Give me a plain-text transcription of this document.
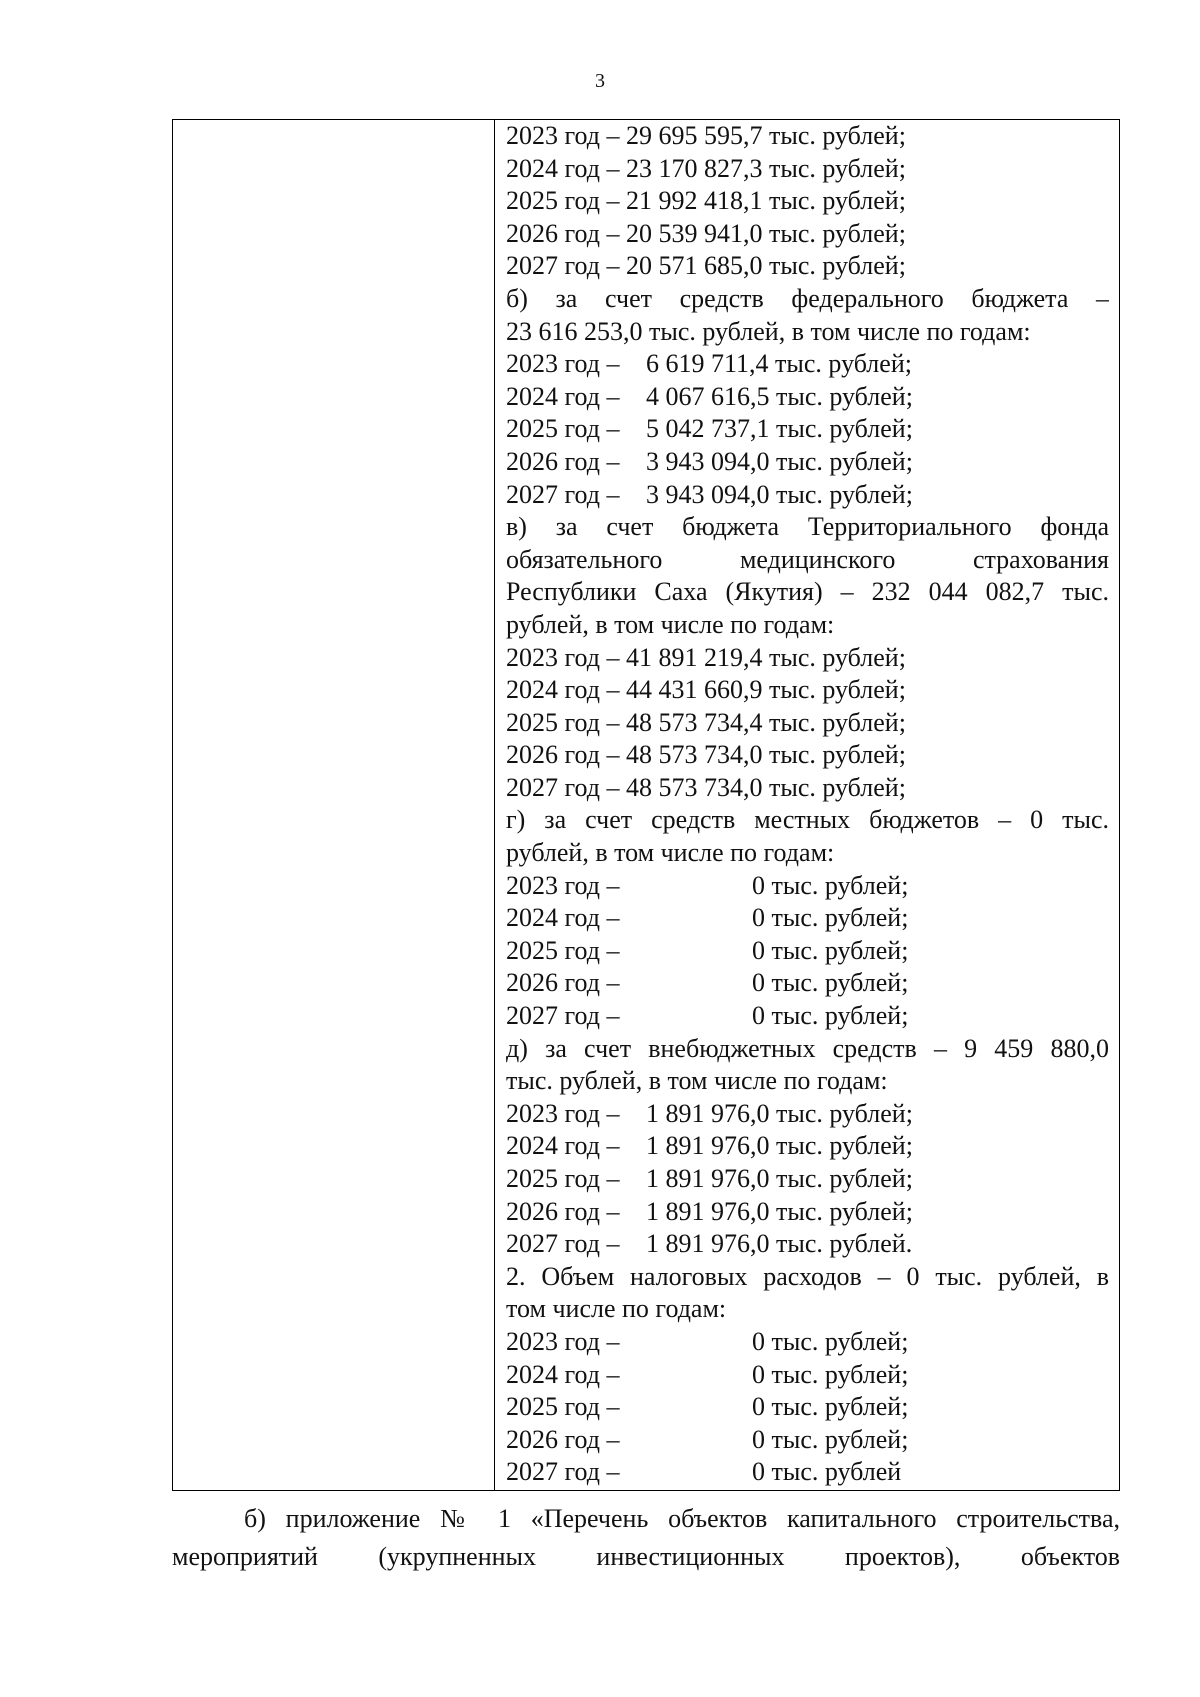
3
2023 год – 29 695 595,7 тыс. рублей;
2024 год – 23 170 827,3 тыс. рублей;
2025 год – 21 992 418,1 тыс. рублей;
2026 год – 20 539 941,0 тыс. рублей;
2027 год – 20 571 685,0 тыс. рублей;
б) за счет средств федерального бюджета –
23 616 253,0 тыс. рублей, в том числе по годам:
2023 год – 6 619 711,4 тыс. рублей;
2024 год – 4 067 616,5 тыс. рублей;
2025 год – 5 042 737,1 тыс. рублей;
2026 год – 3 943 094,0 тыс. рублей;
2027 год – 3 943 094,0 тыс. рублей;
в) за счет бюджета Территориального фонда
обязательного медицинского страхования
Республики Саха (Якутия) – 232 044 082,7 тыс.
рублей, в том числе по годам:
2023 год – 41 891 219,4 тыс. рублей;
2024 год – 44 431 660,9 тыс. рублей;
2025 год – 48 573 734,4 тыс. рублей;
2026 год – 48 573 734,0 тыс. рублей;
2027 год – 48 573 734,0 тыс. рублей;
г) за счет средств местных бюджетов – 0 тыс.
рублей, в том числе по годам:
2023 год –	0 тыс. рублей;
2024 год –	0 тыс. рублей;
2025 год –	0 тыс. рублей;
2026 год –	0 тыс. рублей;
2027 год –	0 тыс. рублей;
д) за счет внебюджетных средств – 9 459 880,0
тыс. рублей, в том числе по годам:
2023 год – 1 891 976,0 тыс. рублей;
2024 год – 1 891 976,0 тыс. рублей;
2025 год – 1 891 976,0 тыс. рублей;
2026 год – 1 891 976,0 тыс. рублей;
2027 год – 1 891 976,0 тыс. рублей.
2. Объем налоговых расходов – 0 тыс. рублей, в
том числе по годам:
2023 год –	0 тыс. рублей;
2024 год –	0 тыс. рублей;
2025 год –	0 тыс. рублей;
2026 год –	0 тыс. рублей;
2027 год –	0 тыс. рублей
б) приложение № 1 «Перечень объектов капитального строительства,
мероприятий (укрупненных инвестиционных проектов), объектов
